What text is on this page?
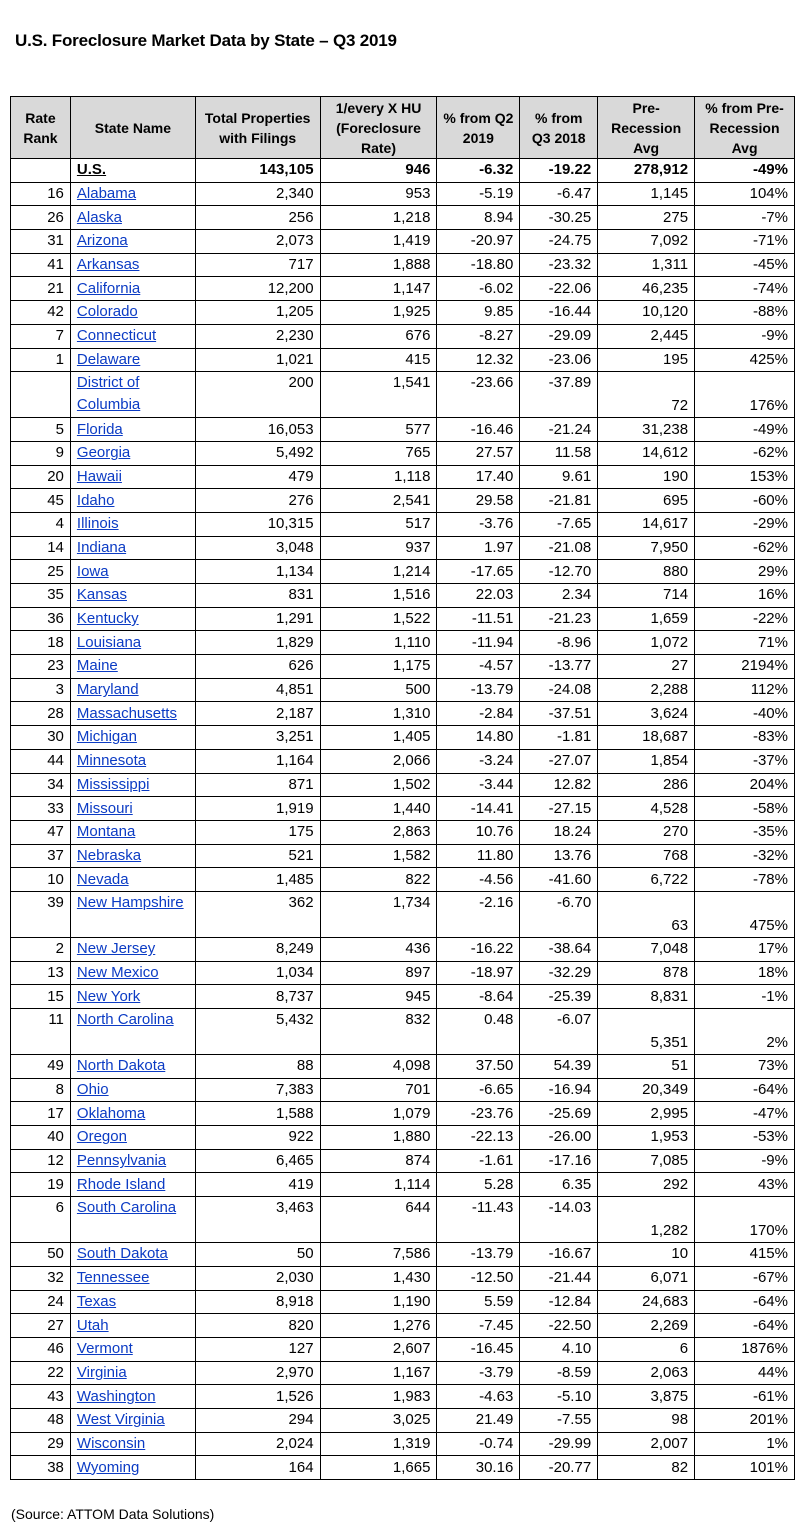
U.S. Foreclosure Market Data by State – Q3 2019
Rate Rank	State Name	Total Properties with Filings	1/every X HU (Foreclosure Rate)	% from Q2 2019	% from Q3 2018	Pre-Recession Avg	% from Pre-Recession Avg
	U.S.	143,105	946	-6.32	-19.22	278,912	-49%
16	Alabama	2,340	953	-5.19	-6.47	1,145	104%
26	Alaska	256	1,218	8.94	-30.25	275	-7%
31	Arizona	2,073	1,419	-20.97	-24.75	7,092	-71%
41	Arkansas	717	1,888	-18.80	-23.32	1,311	-45%
21	California	12,200	1,147	-6.02	-22.06	46,235	-74%
42	Colorado	1,205	1,925	9.85	-16.44	10,120	-88%
7	Connecticut	2,230	676	-8.27	-29.09	2,445	-9%
1	Delaware	1,021	415	12.32	-23.06	195	425%
	District of Columbia	200	1,541	-23.66	-37.89	72	176%
5	Florida	16,053	577	-16.46	-21.24	31,238	-49%
9	Georgia	5,492	765	27.57	11.58	14,612	-62%
20	Hawaii	479	1,118	17.40	9.61	190	153%
45	Idaho	276	2,541	29.58	-21.81	695	-60%
4	Illinois	10,315	517	-3.76	-7.65	14,617	-29%
14	Indiana	3,048	937	1.97	-21.08	7,950	-62%
25	Iowa	1,134	1,214	-17.65	-12.70	880	29%
35	Kansas	831	1,516	22.03	2.34	714	16%
36	Kentucky	1,291	1,522	-11.51	-21.23	1,659	-22%
18	Louisiana	1,829	1,110	-11.94	-8.96	1,072	71%
23	Maine	626	1,175	-4.57	-13.77	27	2194%
3	Maryland	4,851	500	-13.79	-24.08	2,288	112%
28	Massachusetts	2,187	1,310	-2.84	-37.51	3,624	-40%
30	Michigan	3,251	1,405	14.80	-1.81	18,687	-83%
44	Minnesota	1,164	2,066	-3.24	-27.07	1,854	-37%
34	Mississippi	871	1,502	-3.44	12.82	286	204%
33	Missouri	1,919	1,440	-14.41	-27.15	4,528	-58%
47	Montana	175	2,863	10.76	18.24	270	-35%
37	Nebraska	521	1,582	11.80	13.76	768	-32%
10	Nevada	1,485	822	-4.56	-41.60	6,722	-78%
39	New Hampshire	362	1,734	-2.16	-6.70	63	475%
2	New Jersey	8,249	436	-16.22	-38.64	7,048	17%
13	New Mexico	1,034	897	-18.97	-32.29	878	18%
15	New York	8,737	945	-8.64	-25.39	8,831	-1%
11	North Carolina	5,432	832	0.48	-6.07	5,351	2%
49	North Dakota	88	4,098	37.50	54.39	51	73%
8	Ohio	7,383	701	-6.65	-16.94	20,349	-64%
17	Oklahoma	1,588	1,079	-23.76	-25.69	2,995	-47%
40	Oregon	922	1,880	-22.13	-26.00	1,953	-53%
12	Pennsylvania	6,465	874	-1.61	-17.16	7,085	-9%
19	Rhode Island	419	1,114	5.28	6.35	292	43%
6	South Carolina	3,463	644	-11.43	-14.03	1,282	170%
50	South Dakota	50	7,586	-13.79	-16.67	10	415%
32	Tennessee	2,030	1,430	-12.50	-21.44	6,071	-67%
24	Texas	8,918	1,190	5.59	-12.84	24,683	-64%
27	Utah	820	1,276	-7.45	-22.50	2,269	-64%
46	Vermont	127	2,607	-16.45	4.10	6	1876%
22	Virginia	2,970	1,167	-3.79	-8.59	2,063	44%
43	Washington	1,526	1,983	-4.63	-5.10	3,875	-61%
48	West Virginia	294	3,025	21.49	-7.55	98	201%
29	Wisconsin	2,024	1,319	-0.74	-29.99	2,007	1%
38	Wyoming	164	1,665	30.16	-20.77	82	101%
(Source: ATTOM Data Solutions)
